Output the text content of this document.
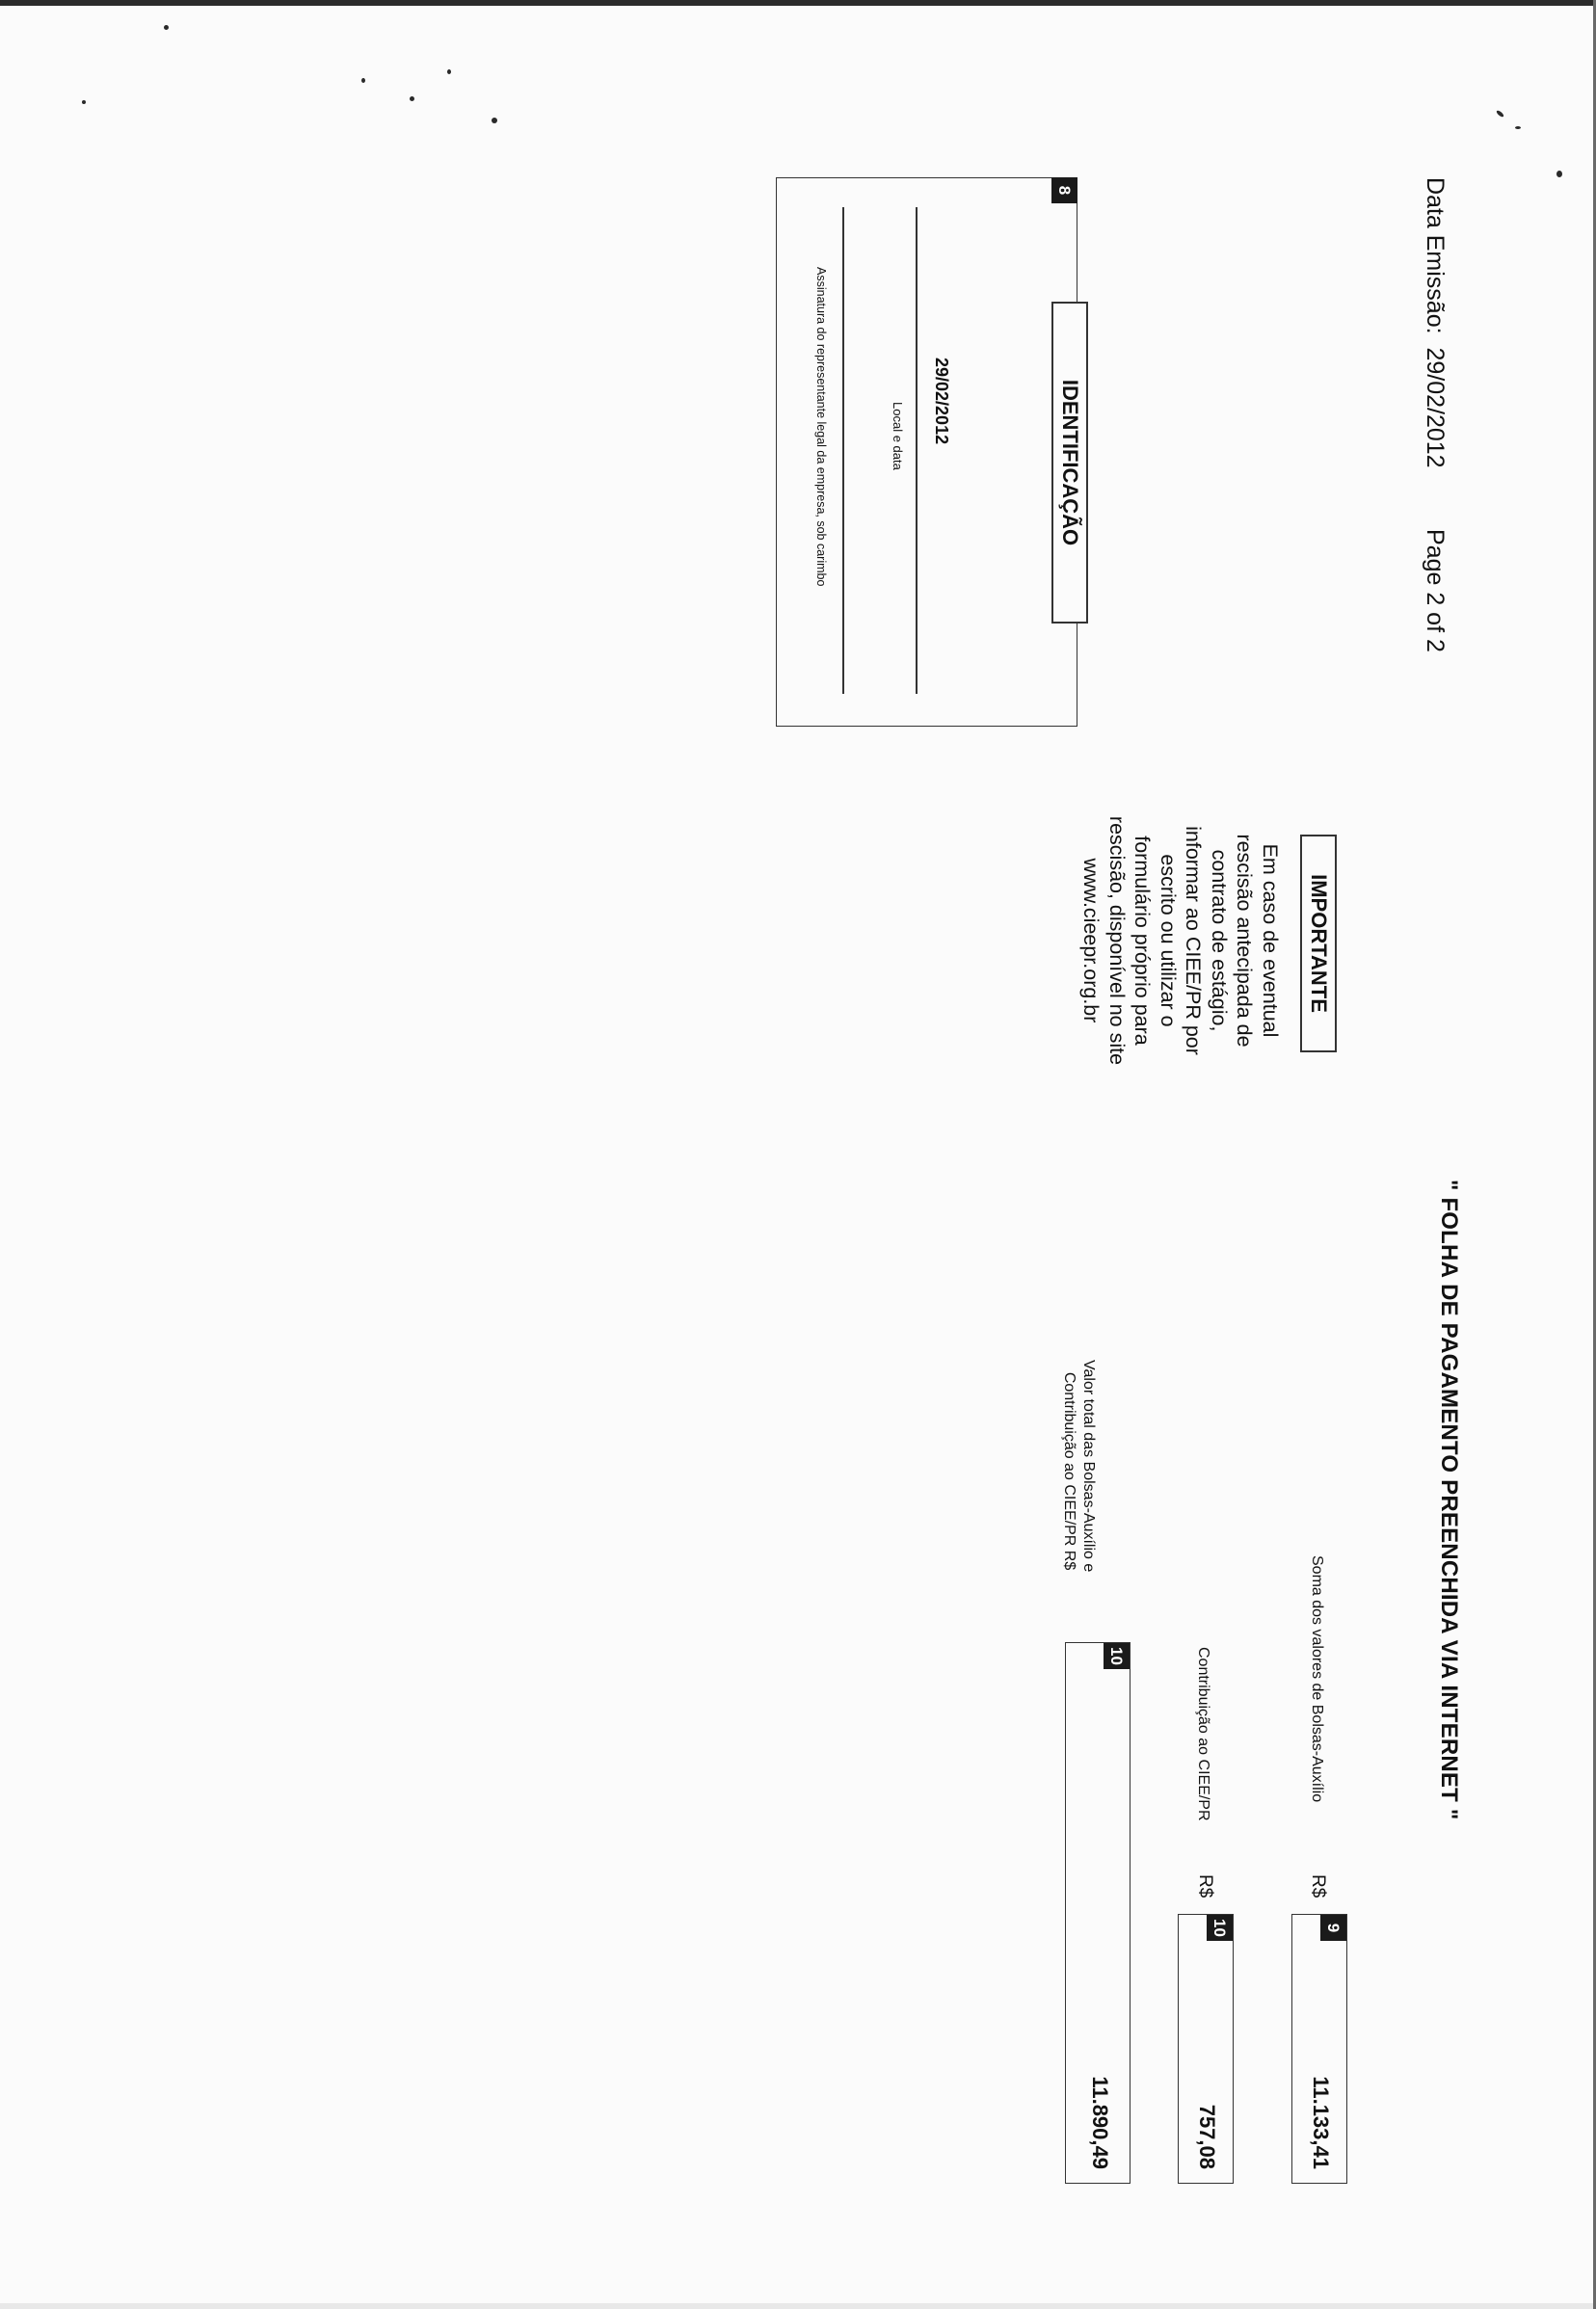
Data Emissão:  29/02/2012
Page 2 of 2
" FOLHA DE PAGAMENTO PREENCHIDA VIA INTERNET "
8
IDENTIFICAÇÃO
29/02/2012
Local e data
Assinatura do representante legal da empresa, sob carimbo
IMPORTANTE
Em caso de eventual rescisão antecipada de contrato de estágio, informar ao CIEE/PR por escrito ou utilizar o formulário próprio para rescisão, disponível no site www.cieepr.org.br
Soma dos valores de Bolsas-Auxílio
R$
9
11.133,41
Contribuição ao CIEE/PR
R$
10
757,08
Valor total das Bolsas-Auxílio e
Contribuição ao CIEE/PR R$
10
11.890,49
